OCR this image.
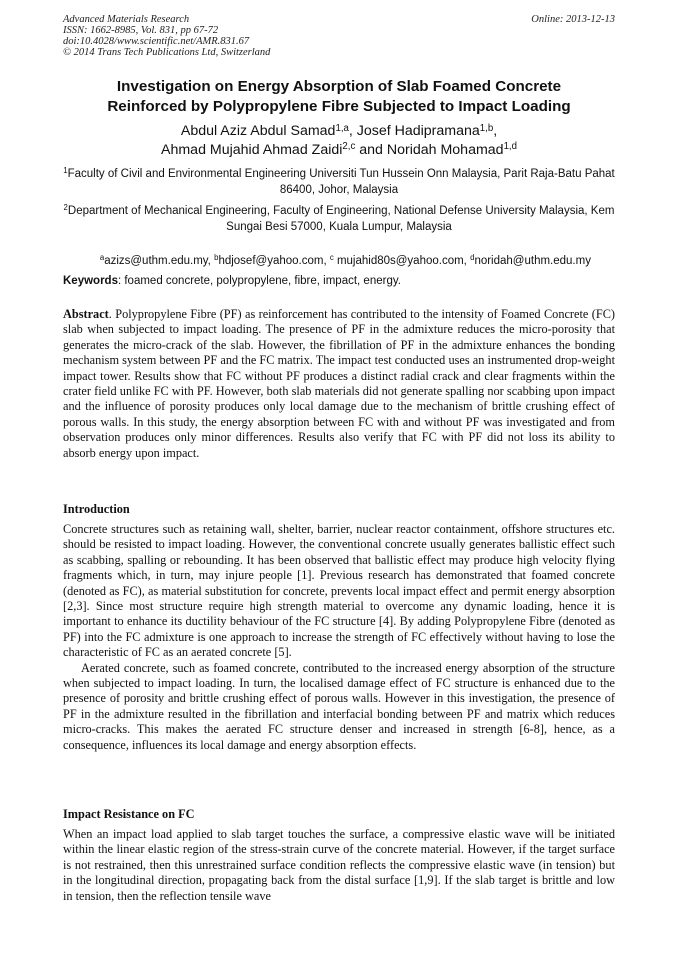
Advanced Materials Research
ISSN: 1662-8985, Vol. 831, pp 67-72
doi:10.4028/www.scientific.net/AMR.831.67
© 2014 Trans Tech Publications Ltd, Switzerland
Online: 2013-12-13
Investigation on Energy Absorption of Slab Foamed Concrete
Reinforced by Polypropylene Fibre Subjected to Impact Loading
Abdul Aziz Abdul Samad$^{1,a}$, Josef Hadipramana$^{1,b}$,
Ahmad Mujahid Ahmad Zaidi$^{2,c}$ and Noridah Mohamad$^{1,d}$
$^1$Faculty of Civil and Environmental Engineering Universiti Tun Hussein Onn Malaysia, Parit Raja-Batu Pahat 86400, Johor, Malaysia
$^2$Department of Mechanical Engineering, Faculty of Engineering, National Defense University Malaysia, Kem Sungai Besi 57000, Kuala Lumpur, Malaysia

$^a$azizs@uthm.edu.my, $^b$hdjosef@yahoo.com, $^c$ mujahid80s@yahoo.com, $^d$noridah@uthm.edu.my

Keywords: foamed concrete, polypropylene, fibre, impact, energy.

Abstract. Polypropylene Fibre (PF) as reinforcement has contributed to the intensity of Foamed Concrete (FC) slab when subjected to impact loading. The presence of PF in the admixture reduces the micro-porosity that generates the micro-crack of the slab. However, the fibrillation of PF in the admixture enhances the bonding mechanism system between PF and the FC matrix. The impact test conducted uses an instrumented drop-weight impact tower. Results show that FC without PF produces a distinct radial crack and clear fragments within the crater field unlike FC with PF. However, both slab materials did not generate spalling nor scabbing upon impact and the influence of porosity produces only local damage due to the mechanism of brittle crushing effect of porous walls. In this study, the energy absorption between FC with and without PF was investigated and from observation produces only minor differences. Results also verify that FC with PF did not loss its ability to absorb energy upon impact.

Introduction

Concrete structures such as retaining wall, shelter, barrier, nuclear reactor containment, offshore structures etc. should be resisted to impact loading. However, the conventional concrete usually generates ballistic effect such as scabbing, spalling or rebounding. It has been observed that ballistic effect may produce high velocity flying fragments which, in turn, may injure people [1]. Previous research has demonstrated that foamed concrete (denoted as FC), as material substitution for concrete, prevents local impact effect and permit energy absorption [2,3]. Since most structure require high strength material to overcome any dynamic loading, hence it is important to enhance its ductility behaviour of the FC structure [4]. By adding Polypropylene Fibre (denoted as PF) into the FC admixture is one approach to increase the strength of FC effectively without having to lose the characteristic of FC as an aerated concrete [5].

Aerated concrete, such as foamed concrete, contributed to the increased energy absorption of the structure when subjected to impact loading. In turn, the localised damage effect of FC structure is enhanced due to the presence of porosity and brittle crushing effect of porous walls. However in this investigation, the presence of PF in the admixture resulted in the fibrillation and interfacial bonding between PF and matrix which reduces micro-cracks. This makes the aerated FC structure denser and increased in strength [6-8], hence, as a consequence, influences its local damage and energy absorption effects.

Impact Resistance on FC

When an impact load applied to slab target touches the surface, a compressive elastic wave will be initiated within the linear elastic region of the stress-strain curve of the concrete material. However, if the target surface is not restrained, then this unrestrained surface condition reflects the compressive elastic wave (in tension) but in the longitudinal direction, propagating back from the distal surface [1,9]. If the slab target is brittle and low in tension, then the reflection tensile wave
